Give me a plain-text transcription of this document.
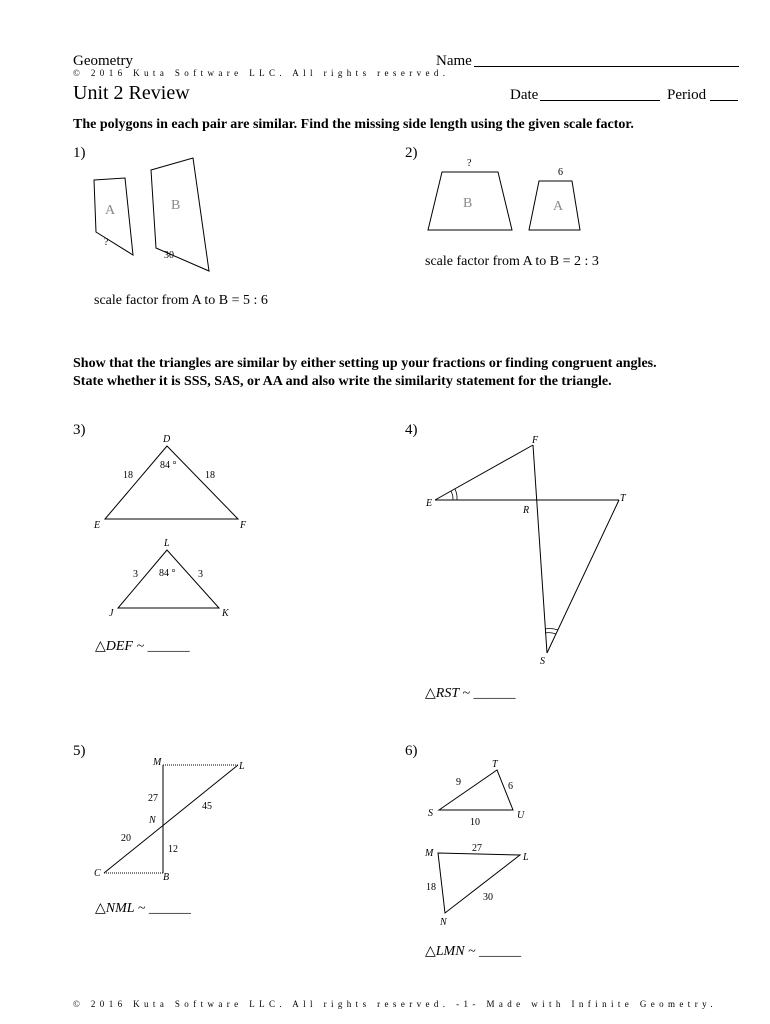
Geometry	Name
© 2016 Kuta Software LLC. All rights reserved.
Unit 2 Review	Date	Period
The polygons in each pair are similar. Find the missing side length using the given scale factor.
1)
A	B
?
30
scale factor from A to B = 5 : 6
2)
B	A
?
6
scale factor from A to B = 2 : 3
Show that the triangles are similar by either setting up your fractions or finding congruent angles. State whether it is SSS, SAS, or AA and also write the similarity statement for the triangle.
3)
D
E	F
18	18
84 °
L
J	K
3	3
84 °
△DEF ~ ______
4)
F
E	T
R
S
△RST ~ ______
5)
M	L
N
C	B
27
45
20
12
△NML ~ ______
6)
T
S	U
9	6
10
M	L
N
27
18
30
△LMN ~ ______
© 2016 Kuta Software LLC. All rights reserved. -1- Made with Infinite Geometry.
